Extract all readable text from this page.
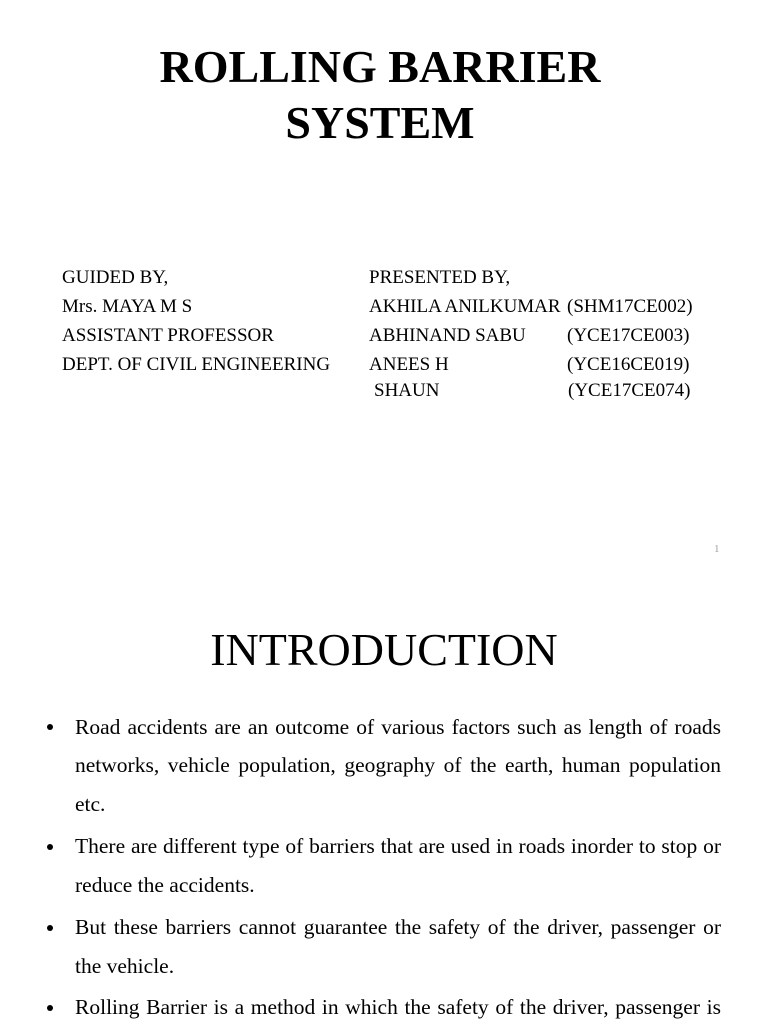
ROLLING BARRIER SYSTEM
GUIDED BY,
Mrs. MAYA M S
ASSISTANT PROFESSOR
DEPT. OF CIVIL ENGINEERING
PRESENTED BY,
AKHILA ANILKUMAR (SHM17CE002)
ABHINAND SABU (YCE17CE003)
ANEES H	(YCE16CE019)
SHAUN	(YCE17CE074)
1
INTRODUCTION
Road accidents are an outcome of various factors such as length of roads networks, vehicle population, geography of the earth, human population etc.
There are different type of barriers that are used in roads inorder to stop or reduce the accidents.
But these barriers cannot guarantee the safety of the driver, passenger or the vehicle.
Rolling Barrier is a method in which the safety of the driver, passenger is
